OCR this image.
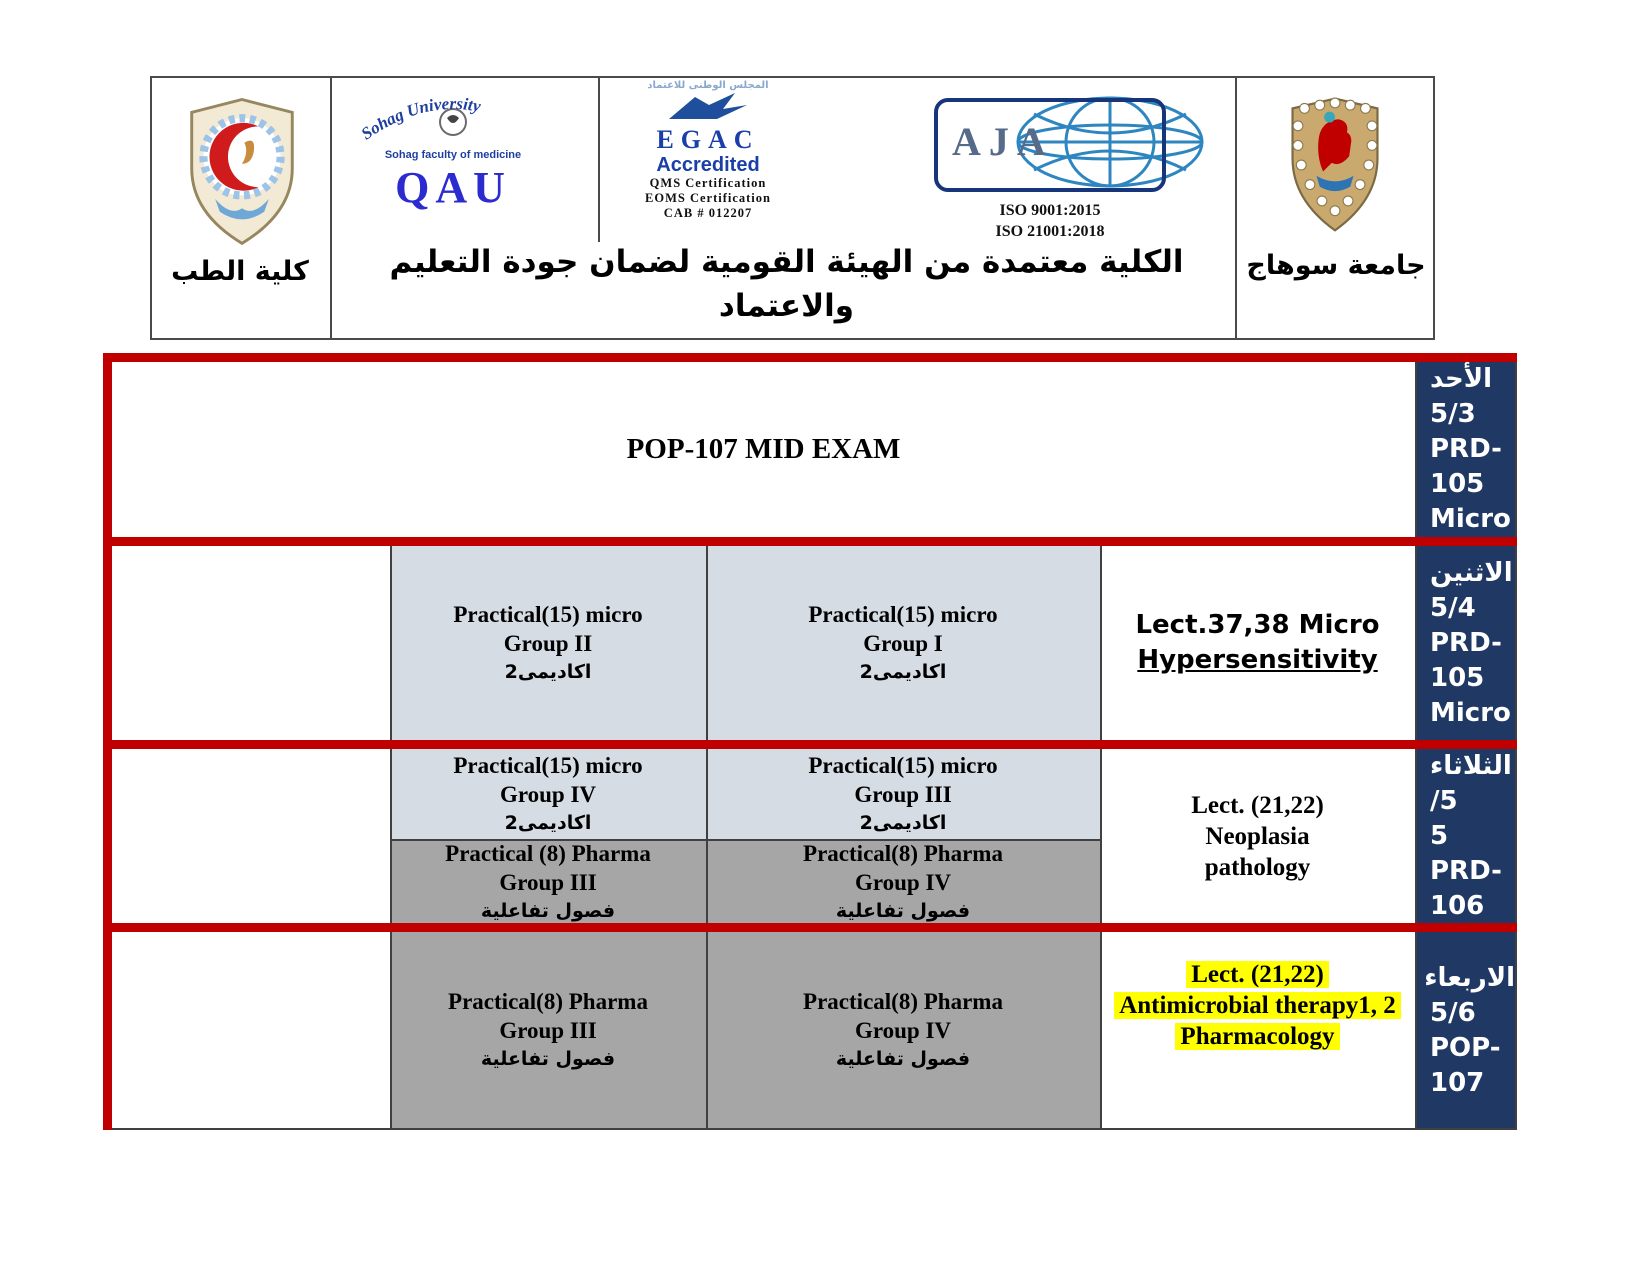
كلية الطب
Sohag University
Sohag faculty of medicine
QAU
المجلس الوطنى للاعتماد
EGAC
Accredited
QMS Certification
EOMS Certification
CAB # 012207
AJA
ISO 9001:2015
ISO 21001:2018
الكلية معتمدة من الهيئة القومية لضمان جودة التعليم
والاعتماد
جامعة سوهاج
POP-107 MID EXAM
الأحد
5/3
PRD-
105
Micro
Practical(15) micro
Group II
اكاديمى2
Practical(15) micro
Group I
اكاديمى2
Lect.37,38 Micro
Hypersensitivity
الاثنين
5/4
PRD-
105
Micro
Practical(15) micro
Group IV
اكاديمى2
Practical(15) micro
Group III
اكاديمى2
Practical (8) Pharma
Group III
فصول تفاعلية
Practical(8) Pharma
Group IV
فصول تفاعلية
Lect. (21,22)
Neoplasia
pathology
الثلاثاء
/5
5
PRD-
106
Practical(8) Pharma
Group III
فصول تفاعلية
Practical(8) Pharma
Group IV
فصول تفاعلية
Lect. (21,22)
Antimicrobial therapy1, 2
Pharmacology
الاربعاء
5/6
POP-
107
